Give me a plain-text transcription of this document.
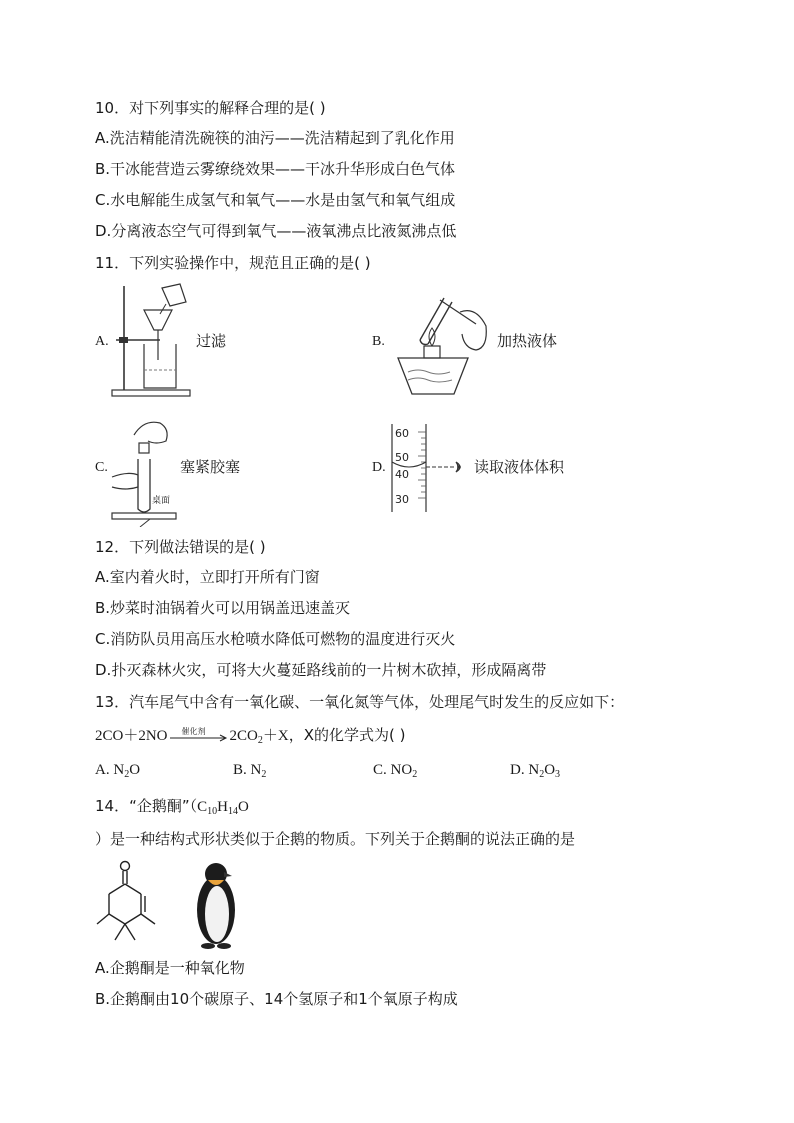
10．对下列事实的解释合理的是( )
A.洗洁精能清洗碗筷的油污——洗洁精起到了乳化作用
B.干冰能营造云雾缭绕效果——干冰升华形成白色气体
C.水电解能生成氢气和氧气——水是由氢气和氧气组成
D.分离液态空气可得到氧气——液氧沸点比液氮沸点低
11．下列实验操作中，规范且正确的是( )
A.	过滤	B.	加热液体
C.
桌面
塞紧胶塞	D.
60
50
40
30
读取液体体积
12．下列做法错误的是( )
A.室内着火时，立即打开所有门窗
B.炒菜时油锅着火可以用锅盖迅速盖灭
C.消防队员用高压水枪喷水降低可燃物的温度进行灭火
D.扑灭森林火灾，可将大火蔓延路线前的一片树木砍掉，形成隔离带
13．汽车尾气中含有一氧化碳、一氧化氮等气体，处理尾气时发生的反应如下：
2CO＋2NO 催化剂 $2CO_2+X$，X的化学式为( )
A. $N_2O$	B. $N_2$	C. $NO_2$	D. $N_2O_3$
14．“企鹅酮$”(C_{10}H_{14}O$
）是一种结构式形状类似于企鹅的物质。下列关于企鹅酮的说法正确的是
A.企鹅酮是一种氧化物
B.企鹅酮由10个碳原子、14个氢原子和1个氧原子构成
